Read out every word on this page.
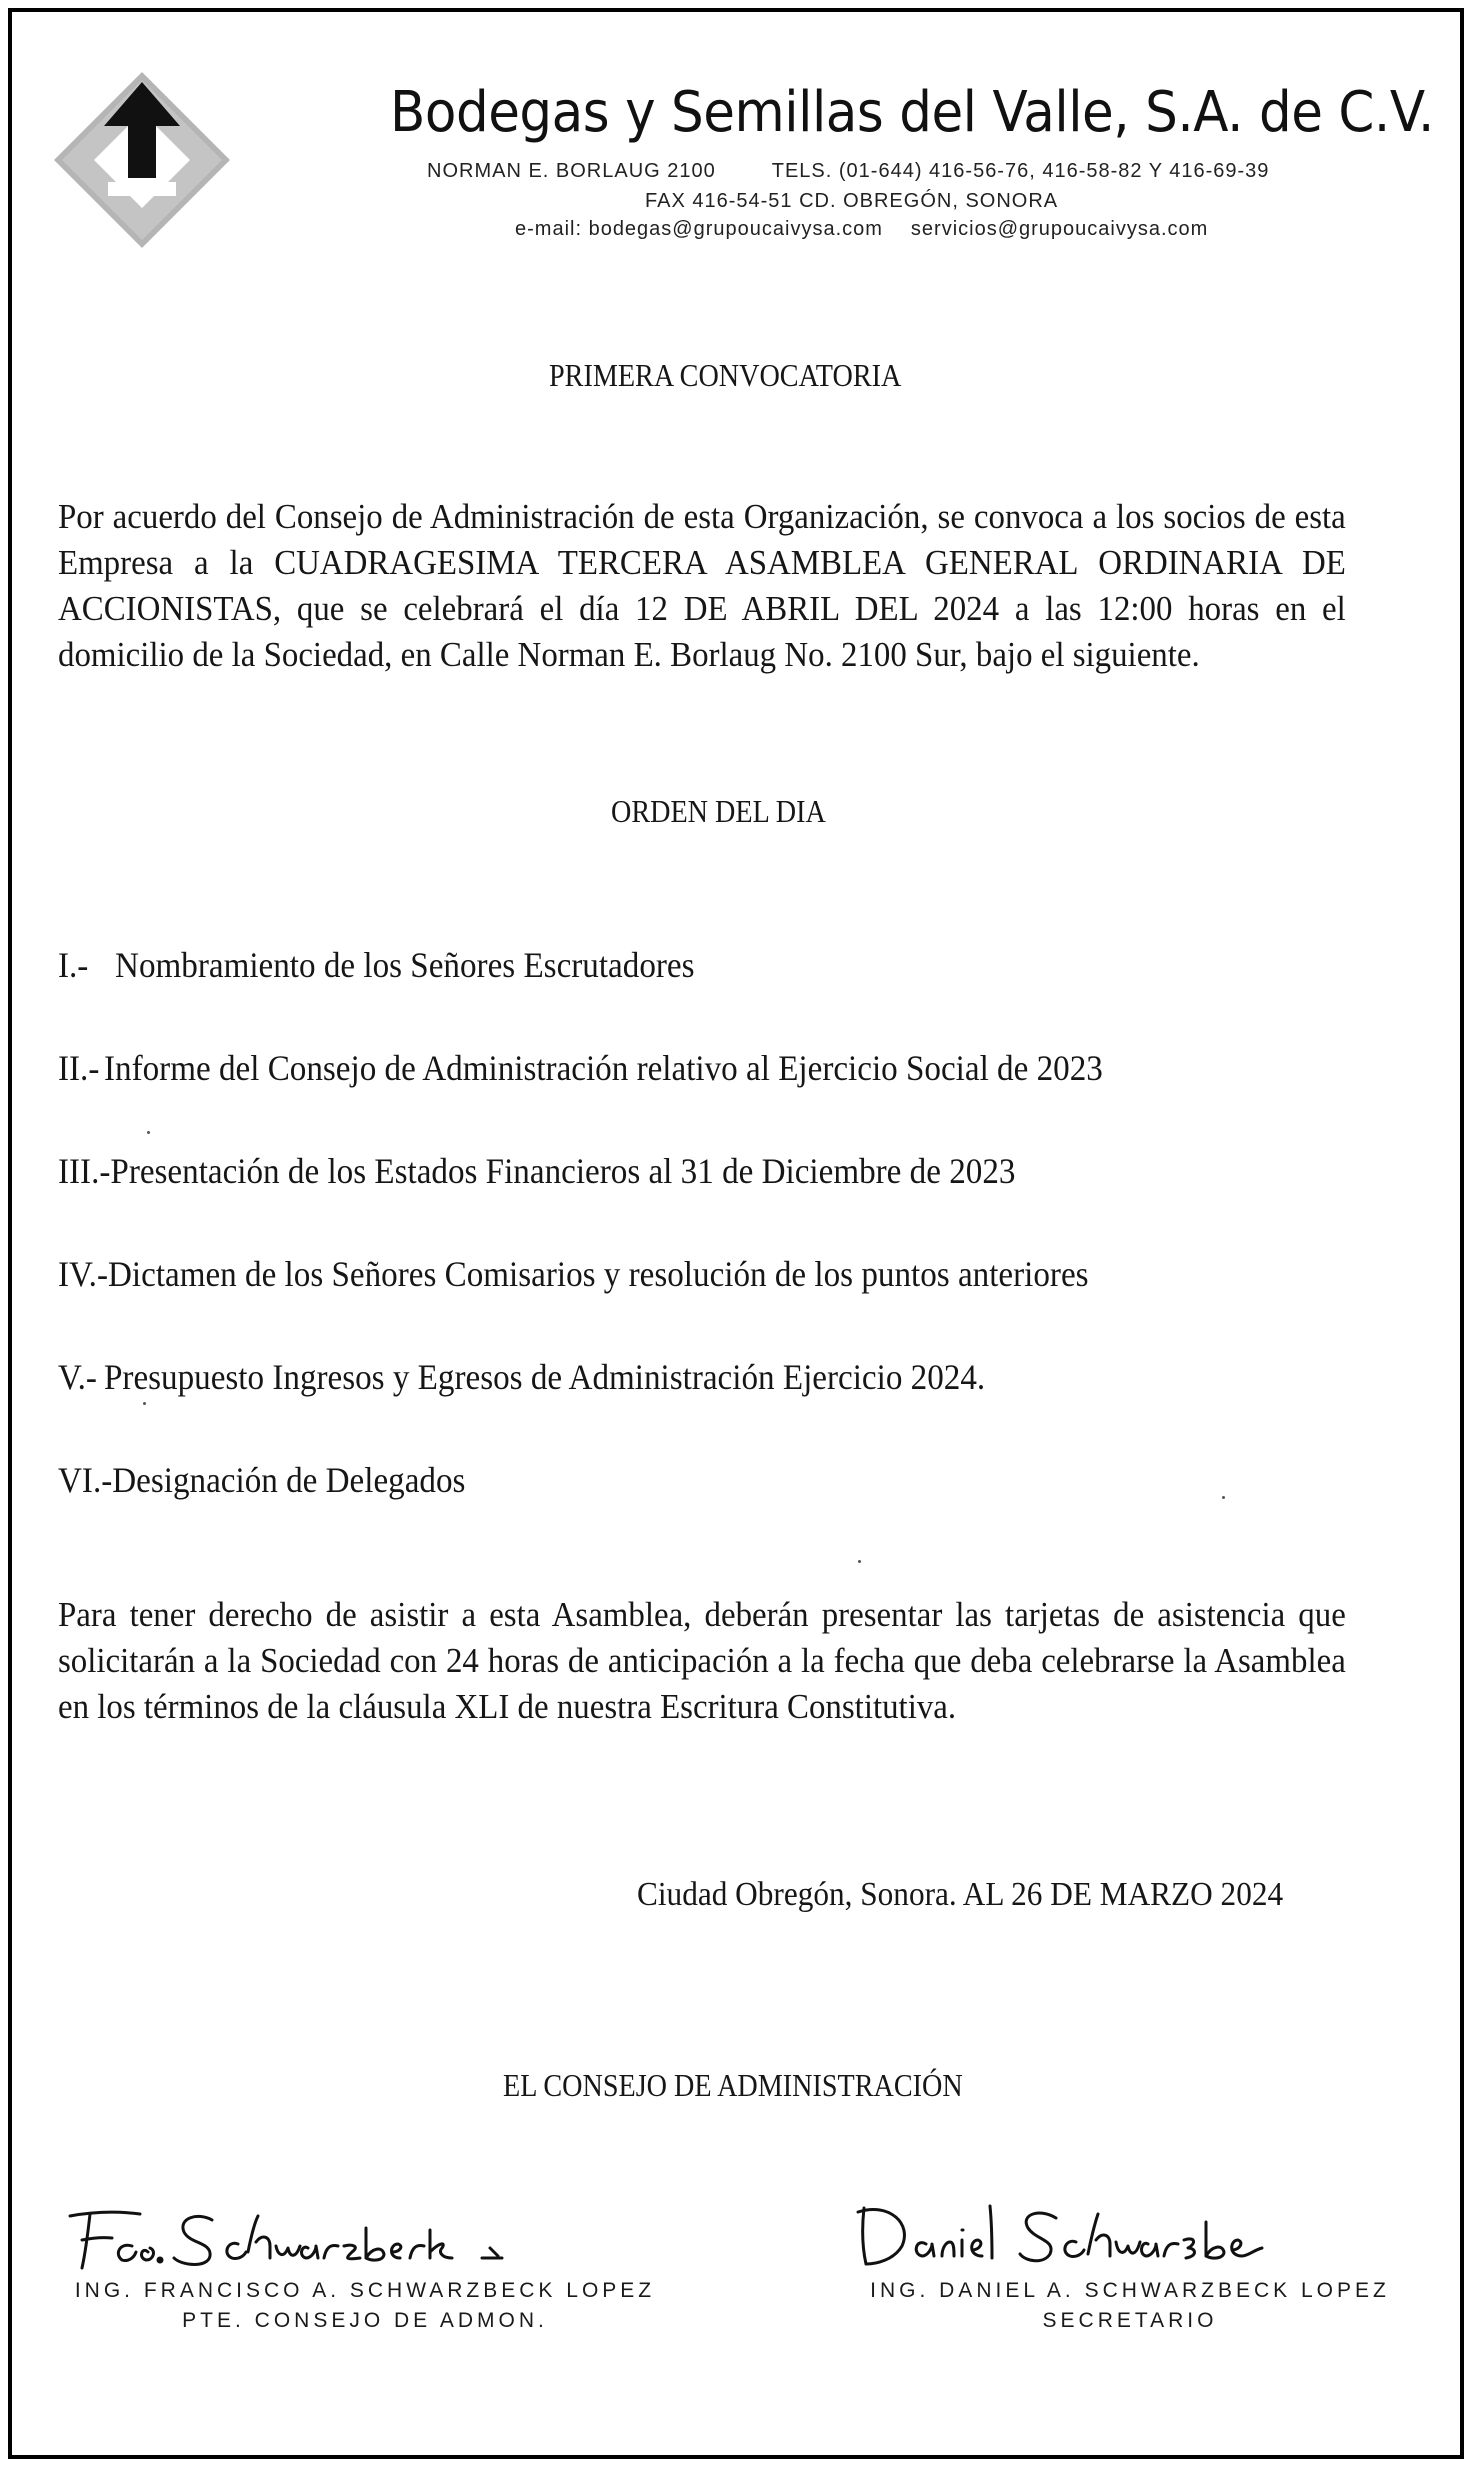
Bodegas y Semillas del Valle, S.A. de C.V.
NORMAN E. BORLAUG 2100	TELS. (01-644) 416-56-76, 416-58-82 Y 416-69-39
FAX 416-54-51 CD. OBREGÓN, SONORA
e-mail: bodegas@grupoucaivysa.com servicios@grupoucaivysa.com
PRIMERA CONVOCATORIA
Por acuerdo del Consejo de Administración de esta Organización, se convoca a los socios de esta Empresa a la CUADRAGESIMA TERCERA ASAMBLEA GENERAL ORDINARIA DE ACCIONISTAS, que se celebrará el día 12 DE ABRIL DEL 2024 a las 12:00 horas en el domicilio de la Sociedad, en Calle Norman E. Borlaug No. 2100 Sur, bajo el siguiente.
ORDEN DEL DIA
I.- Nombramiento de los Señores Escrutadores
II.- Informe del Consejo de Administración relativo al Ejercicio Social de 2023
III.-Presentación de los Estados Financieros al 31 de Diciembre de 2023
IV.-Dictamen de los Señores Comisarios y resolución de los puntos anteriores
V.- Presupuesto Ingresos y Egresos de Administración Ejercicio 2024.
VI.-Designación de Delegados
Para tener derecho de asistir a esta Asamblea, deberán presentar las tarjetas de asistencia que solicitarán a la Sociedad con 24 horas de anticipación a la fecha que deba celebrarse la Asamblea en los términos de la cláusula XLI de nuestra Escritura Constitutiva.
Ciudad Obregón, Sonora. AL 26 DE MARZO 2024
EL CONSEJO DE ADMINISTRACIÓN
ING. FRANCISCO A. SCHWARZBECK LOPEZ
PTE. CONSEJO DE ADMON.
ING. DANIEL A. SCHWARZBECK LOPEZ
SECRETARIO
